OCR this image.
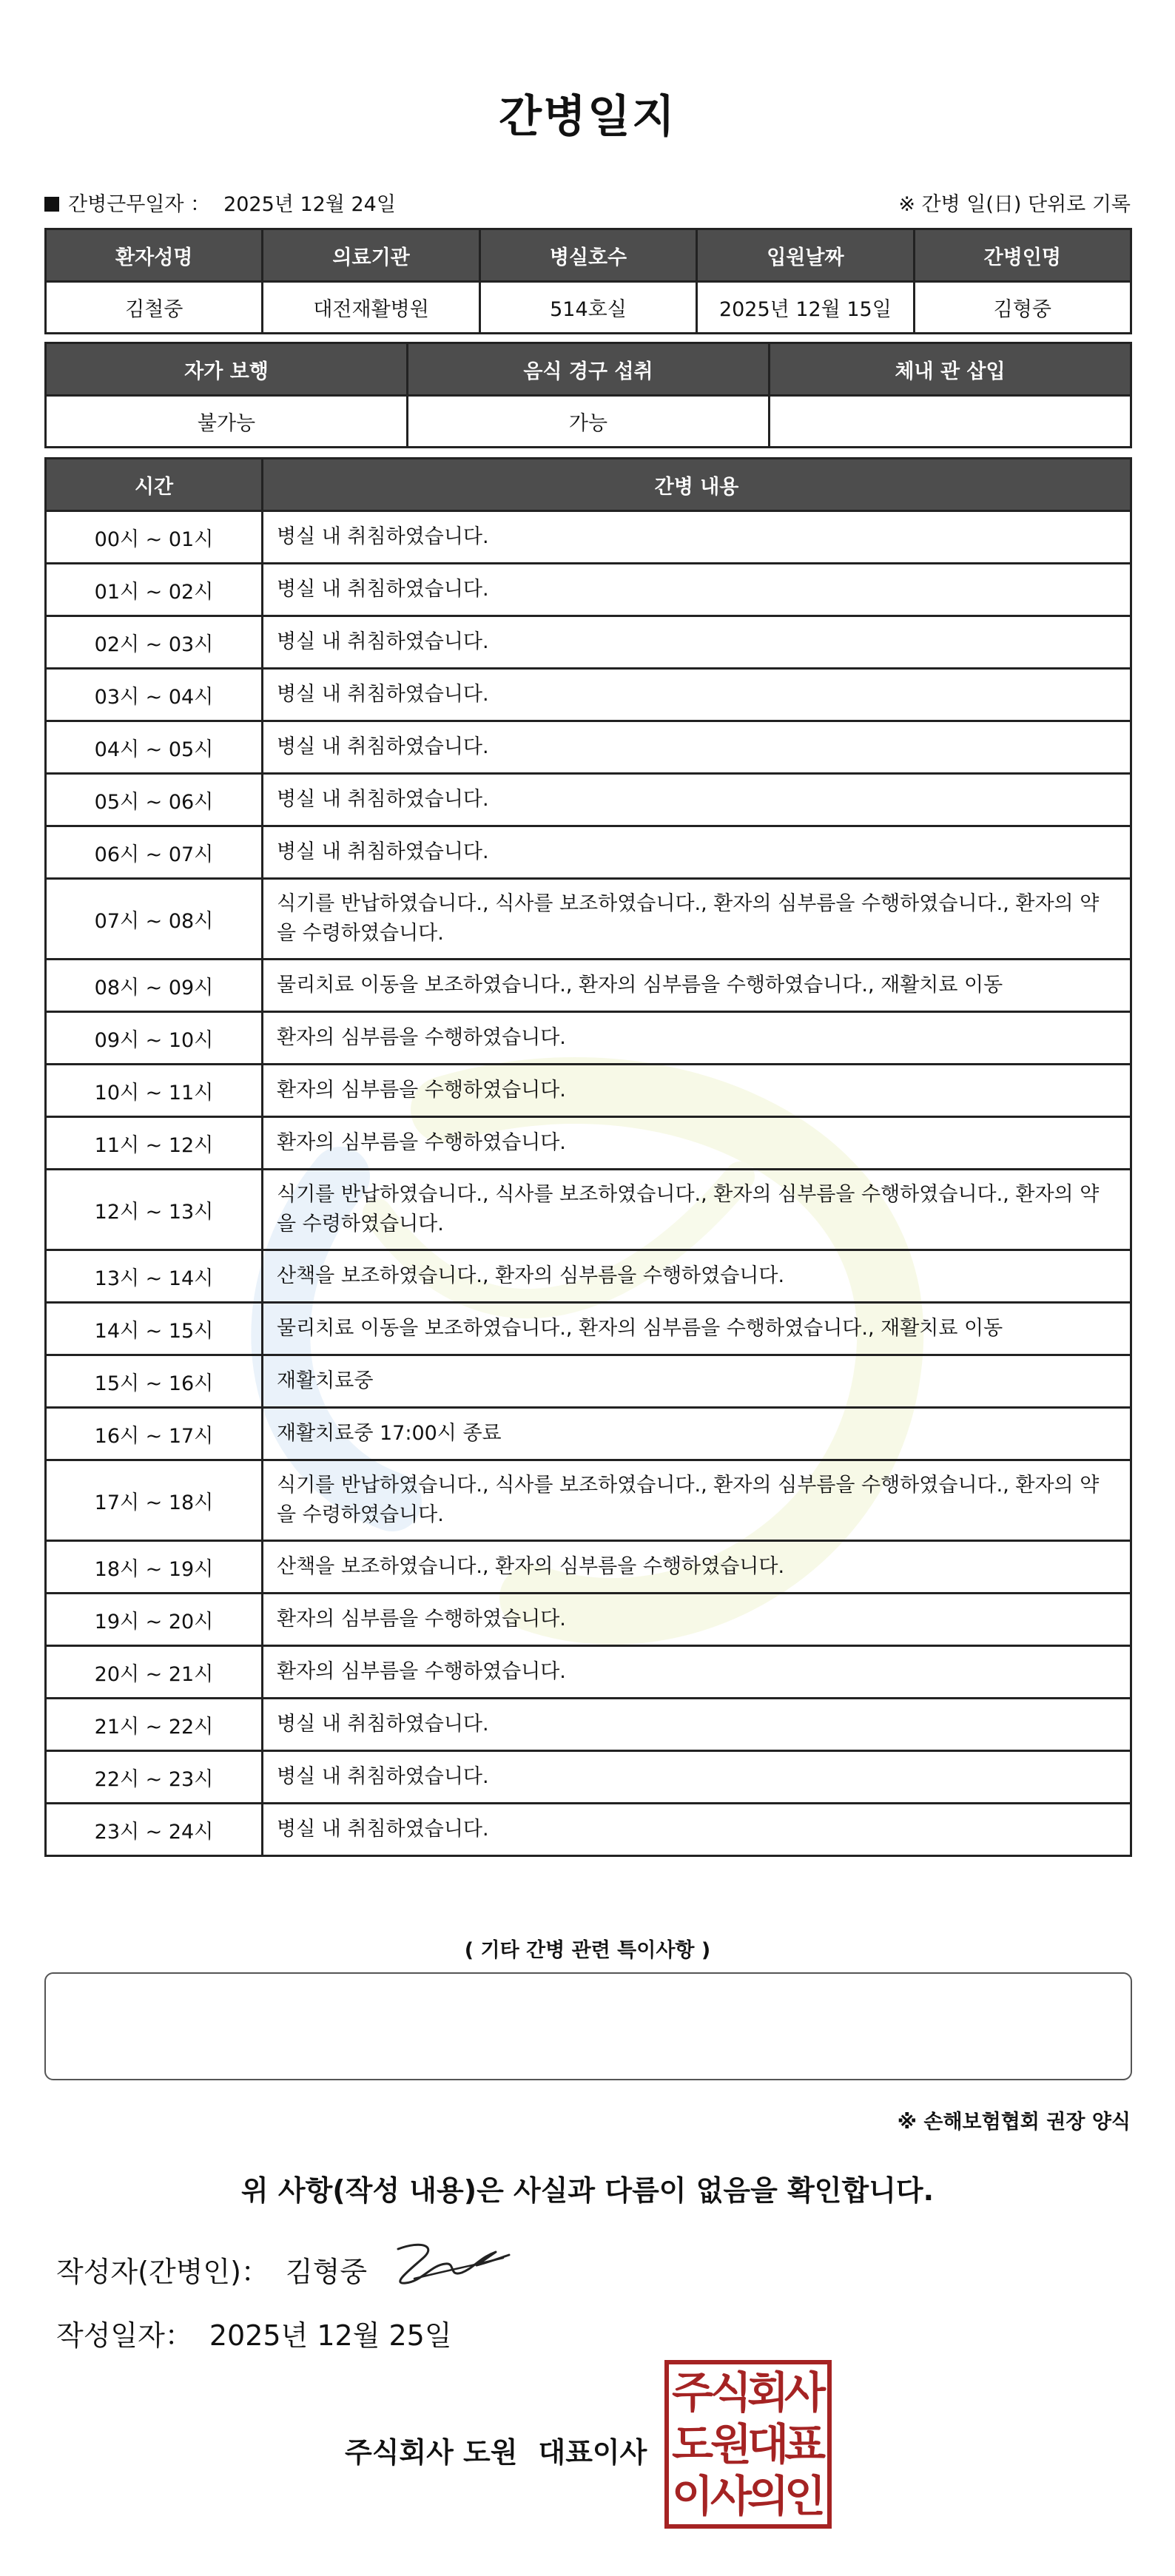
간병일지
간병근무일자 ： 2025년 12월 24일	※ 간병 일(日) 단위로 기록
환자성명	의료기관	병실호수	입원날짜	간병인명
김철중	대전재활병원	514호실	2025년 12월 15일	김형중
자가 보행	음식 경구 섭취	체내 관 삽입
불가능	가능	
시간	간병 내용
00시 ~ 01시	병실 내 취침하였습니다.
01시 ~ 02시	병실 내 취침하였습니다.
02시 ~ 03시	병실 내 취침하였습니다.
03시 ~ 04시	병실 내 취침하였습니다.
04시 ~ 05시	병실 내 취침하였습니다.
05시 ~ 06시	병실 내 취침하였습니다.
06시 ~ 07시	병실 내 취침하였습니다.
07시 ~ 08시	식기를 반납하였습니다., 식사를 보조하였습니다., 환자의 심부름을 수행하였습니다., 환자의 약을 수령하였습니다.
08시 ~ 09시	물리치료 이동을 보조하였습니다., 환자의 심부름을 수행하였습니다., 재활치료 이동
09시 ~ 10시	환자의 심부름을 수행하였습니다.
10시 ~ 11시	환자의 심부름을 수행하였습니다.
11시 ~ 12시	환자의 심부름을 수행하였습니다.
12시 ~ 13시	식기를 반납하였습니다., 식사를 보조하였습니다., 환자의 심부름을 수행하였습니다., 환자의 약을 수령하였습니다.
13시 ~ 14시	산책을 보조하였습니다., 환자의 심부름을 수행하였습니다.
14시 ~ 15시	물리치료 이동을 보조하였습니다., 환자의 심부름을 수행하였습니다., 재활치료 이동
15시 ~ 16시	재활치료중
16시 ~ 17시	재활치료중 17:00시 종료
17시 ~ 18시	식기를 반납하였습니다., 식사를 보조하였습니다., 환자의 심부름을 수행하였습니다., 환자의 약을 수령하였습니다.
18시 ~ 19시	산책을 보조하였습니다., 환자의 심부름을 수행하였습니다.
19시 ~ 20시	환자의 심부름을 수행하였습니다.
20시 ~ 21시	환자의 심부름을 수행하였습니다.
21시 ~ 22시	병실 내 취침하였습니다.
22시 ~ 23시	병실 내 취침하였습니다.
23시 ~ 24시	병실 내 취침하였습니다.
( 기타 간병 관련 특이사항 )
※ 손해보험협회 권장 양식
위 사항(작성 내용)은 사실과 다름이 없음을 확인합니다.
작성자(간병인)： 김형중
작성일자： 2025년 12월 25일
주식회사 도원 대표이사
주
식
회
사
도
원
대
표
이
사
의
인
